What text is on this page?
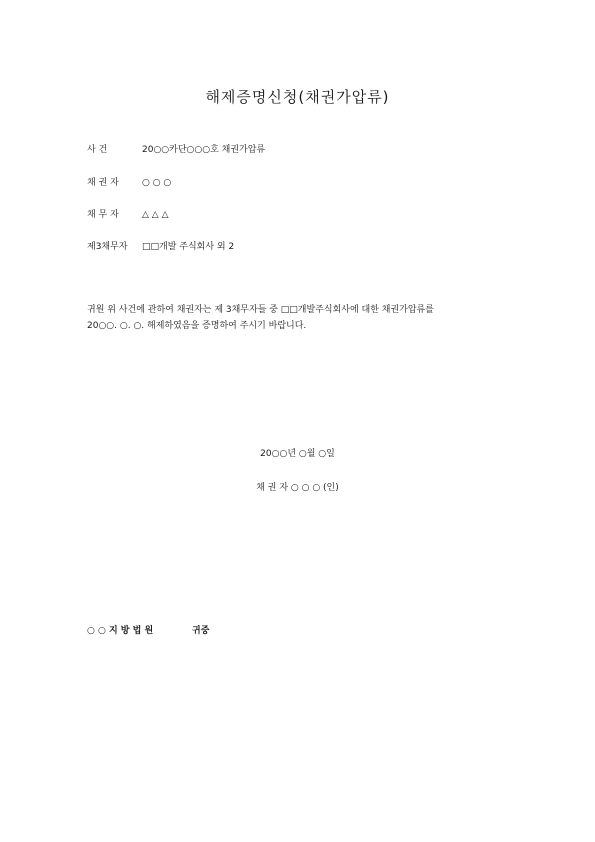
해제증명신청(채권가압류)
사 건	20○○카단○○○호 채권가압류
채 권 자	○ ○ ○
채 무 자	△ △ △
제3채무자 □□개발 주식회사 외 2
귀원 위 사건에 관하여 채권자는 제 3채무자들 중 □□개발주식회사에 대한 채권가압류를
20○○. ○. ○. 해제하였음을 증명하여 주시기 바랍니다.
20○○년 ○월 ○일
채 권 자 ○ ○ ○ (인)
○ ○ 지 방 법 원	귀중
